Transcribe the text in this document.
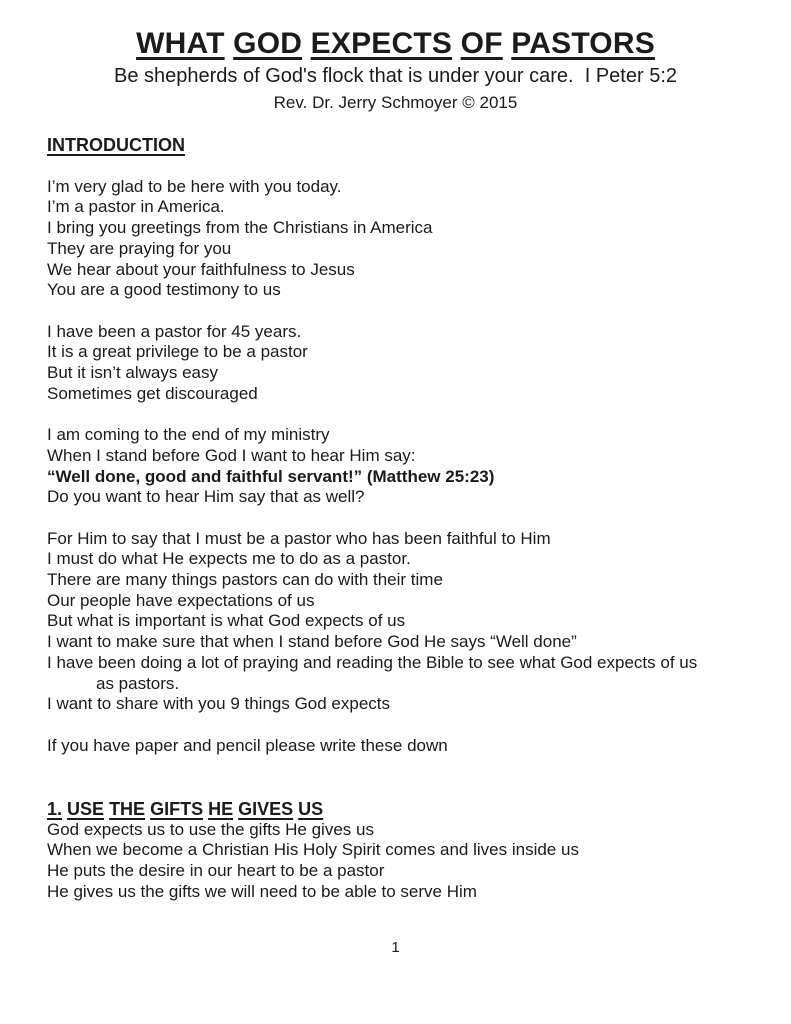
WHAT GOD EXPECTS OF PASTORS
Be shepherds of God's flock that is under your care.  I Peter 5:2
Rev. Dr. Jerry Schmoyer © 2015
INTRODUCTION
I’m very glad to be here with you today.
I’m a pastor in America.
I bring you greetings from the Christians in America
They are praying for you
We hear about your faithfulness to Jesus
You are a good testimony to us
I have been a pastor for 45 years.
It is a great privilege to be a pastor
But it isn’t always easy
Sometimes get discouraged
I am coming to the end of my ministry
When I stand before God I want to hear Him say:
“Well done, good and faithful servant!” (Matthew 25:23)
Do you want to hear Him say that as well?
For Him to say that I must be a pastor who has been faithful to Him
I must do what He expects me to do as a pastor.
There are many things pastors can do with their time
Our people have expectations of us
But what is important is what God expects of us
I want to make sure that when I stand before God He says “Well done”
I have been doing a lot of praying and reading the Bible to see what God expects of us
as pastors.
I want to share with you 9 things God expects
If you have paper and pencil please write these down
1. USE THE GIFTS HE GIVES US
God expects us to use the gifts He gives us
When we become a Christian His Holy Spirit comes and lives inside us
He puts the desire in our heart to be a pastor
He gives us the gifts we will need to be able to serve Him
1
